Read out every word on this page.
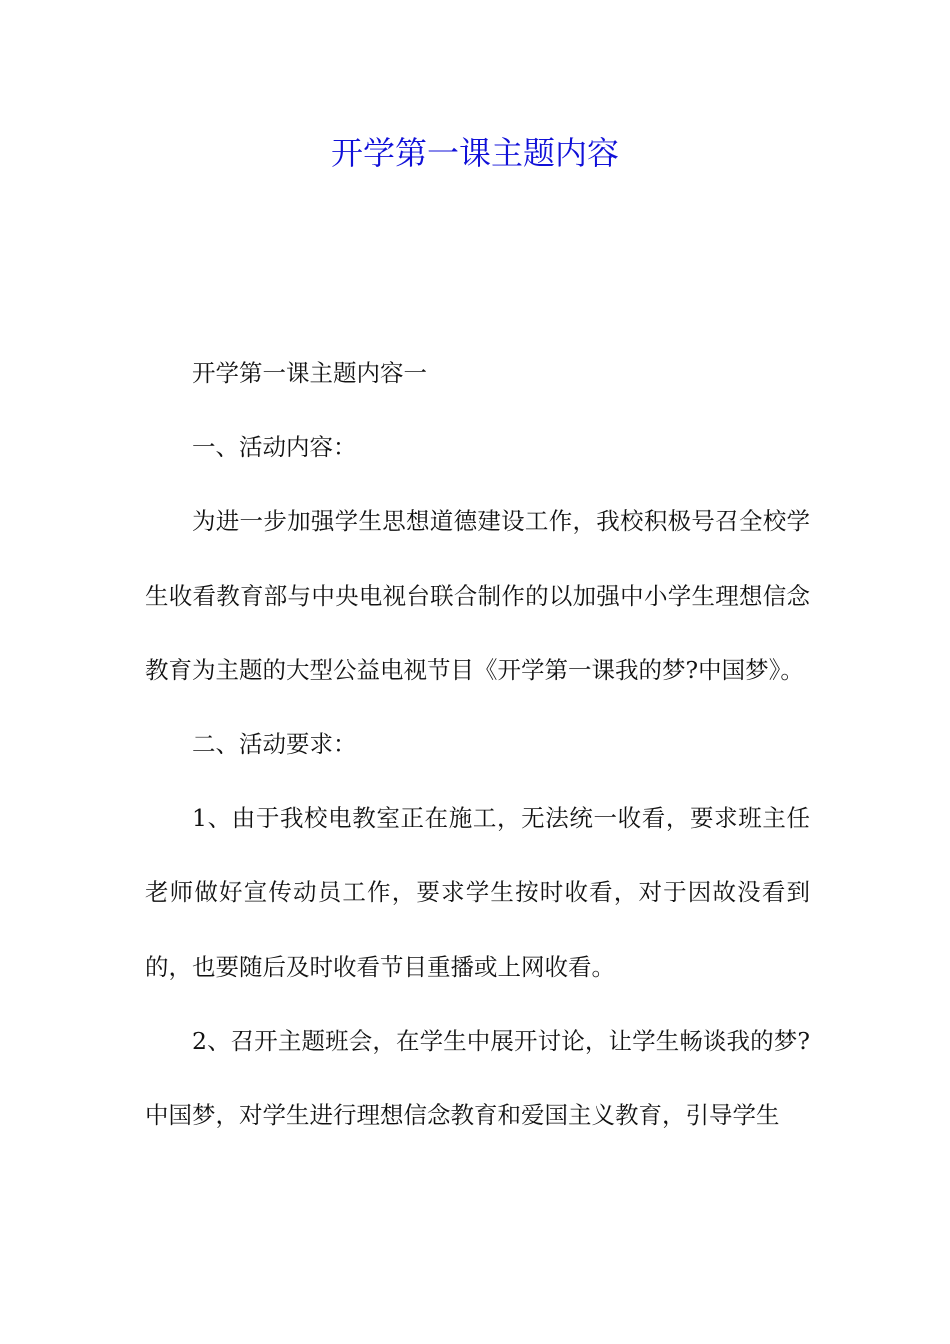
开学第一课主题内容

开学第一课主题内容一

一、活动内容：

为进一步加强学生思想道德建设工作，我校积极号召全校学生收看教育部与中央电视台联合制作的以加强中小学生理想信念教育为主题的大型公益电视节目《开学第一课我的梦?中国梦》。

二、活动要求：

1、由于我校电教室正在施工，无法统一收看，要求班主任老师做好宣传动员工作，要求学生按时收看，对于因故没看到的，也要随后及时收看节目重播或上网收看。

2、召开主题班会，在学生中展开讨论，让学生畅谈我的梦?中国梦，对学生进行理想信念教育和爱国主义教育，引导学生
